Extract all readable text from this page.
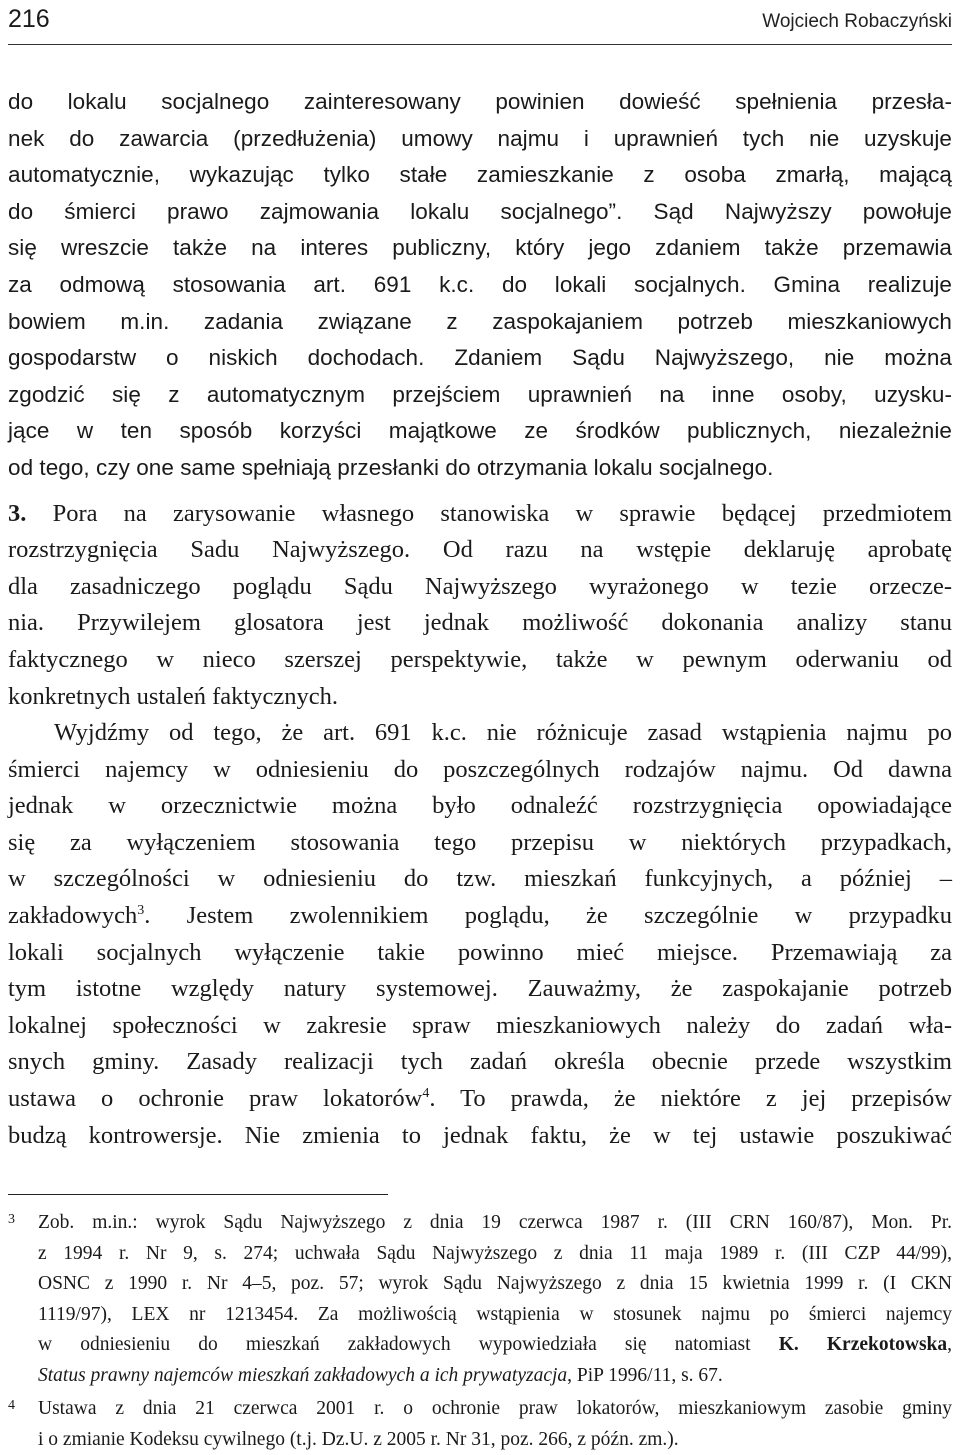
216	Wojciech Robaczyński
do lokalu socjalnego zainteresowany powinien dowieść spełnienia przesła-
nek do zawarcia (przedłużenia) umowy najmu i uprawnień tych nie uzyskuje
automatycznie, wykazując tylko stałe zamieszkanie z osoba zmarłą, mającą
do śmierci prawo zajmowania lokalu socjalnego”. Sąd Najwyższy powołuje
się wreszcie także na interes publiczny, który jego zdaniem także przemawia
za odmową stosowania art. 691 k.c. do lokali socjalnych. Gmina realizuje
bowiem m.in. zadania związane z zaspokajaniem potrzeb mieszkaniowych
gospodarstw o niskich dochodach. Zdaniem Sądu Najwyższego, nie można
zgodzić się z automatycznym przejściem uprawnień na inne osoby, uzysku-
jące w ten sposób korzyści majątkowe ze środków publicznych, niezależnie
od tego, czy one same spełniają przesłanki do otrzymania lokalu socjalnego.
3. Pora na zarysowanie własnego stanowiska w sprawie będącej przedmiotem
rozstrzygnięcia Sadu Najwyższego. Od razu na wstępie deklaruję aprobatę
dla zasadniczego poglądu Sądu Najwyższego wyrażonego w tezie orzecze-
nia. Przywilejem glosatora jest jednak możliwość dokonania analizy stanu
faktycznego w nieco szerszej perspektywie, także w pewnym oderwaniu od
konkretnych ustaleń faktycznych.
Wyjdźmy od tego, że art. 691 k.c. nie różnicuje zasad wstąpienia najmu po
śmierci najemcy w odniesieniu do poszczególnych rodzajów najmu. Od dawna
jednak w orzecznictwie można było odnaleźć rozstrzygnięcia opowiadające
się za wyłączeniem stosowania tego przepisu w niektórych przypadkach,
w szczególności w odniesieniu do tzw. mieszkań funkcyjnych, a później –
zakładowych$^3$. Jestem zwolennikiem poglądu, że szczególnie w przypadku
lokali socjalnych wyłączenie takie powinno mieć miejsce. Przemawiają za
tym istotne względy natury systemowej. Zauważmy, że zaspokajanie potrzeb
lokalnej społeczności w zakresie spraw mieszkaniowych należy do zadań wła-
snych gminy. Zasady realizacji tych zadań określa obecnie przede wszystkim
ustawa o ochronie praw lokatorów$^4$. To prawda, że niektóre z jej przepisów
budzą kontrowersje. Nie zmienia to jednak faktu, że w tej ustawie poszukiwać
3 Zob. m.in.: wyrok Sądu Najwyższego z dnia 19 czerwca 1987 r. (III CRN 160/87), Mon. Pr.
z 1994 r. Nr 9, s. 274; uchwała Sądu Najwyższego z dnia 11 maja 1989 r. (III CZP 44/99),
OSNC z 1990 r. Nr 4–5, poz. 57; wyrok Sądu Najwyższego z dnia 15 kwietnia 1999 r. (I CKN
1119/97), LEX nr 1213454. Za możliwością wstąpienia w stosunek najmu po śmierci najemcy
w odniesieniu do mieszkań zakładowych wypowiedziała się natomiast K. Krzekotowska,
Status prawny najemców mieszkań zakładowych a ich prywatyzacja, PiP 1996/11, s. 67.
4 Ustawa z dnia 21 czerwca 2001 r. o ochronie praw lokatorów, mieszkaniowym zasobie gminy
i o zmianie Kodeksu cywilnego (t.j. Dz.U. z 2005 r. Nr 31, poz. 266, z późn. zm.).
